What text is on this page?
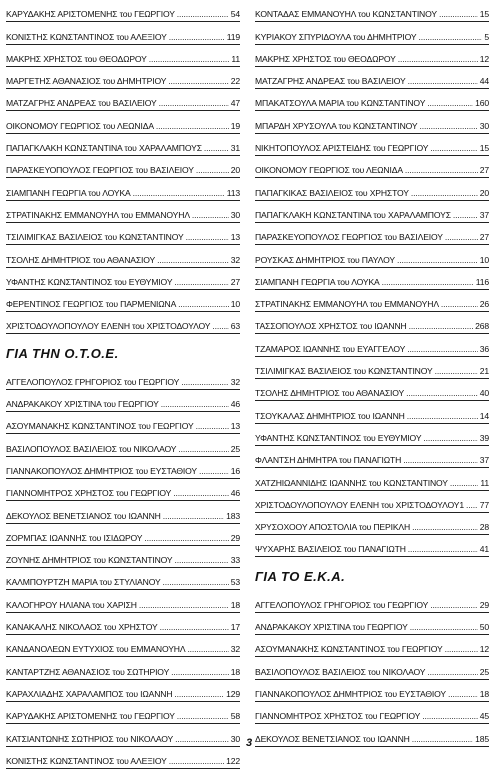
ΚΑΡΥΔΑΚΗΣ ΑΡΙΣΤΟΜΕΝΗΣ του ΓΕΩΡΓΙΟΥ .....	54
ΚΟΝΙΣΤΗΣ ΚΩΝΣΤΑΝΤΙΝΟΣ του ΑΛΕΞΙΟΥ .....	119
ΜΑΚΡΗΣ ΧΡΗΣΤΟΣ του ΘΕΟΔΩΡΟΥ .....	11
ΜΑΡΓΕΤΗΣ ΑΘΑΝΑΣΙΟΣ του ΔΗΜΗΤΡΙΟΥ .....	22
ΜΑΤΖΑΓΡΗΣ ΑΝΔΡΕΑΣ του ΒΑΣΙΛΕΙΟΥ .....	47
ΟΙΚΟΝΟΜΟΥ ΓΕΩΡΓΙΟΣ του ΛΕΩΝΙΔΑ .....	19
ΠΑΠΑΓΚΛΑΚΗ ΚΩΝΣΤΑΝΤΙΝΑ του ΧΑΡΑΛΑΜΠΟΥΣ .....	31
ΠΑΡΑΣΚΕΥΟΠΟΥΛΟΣ ΓΕΩΡΓΙΟΣ του ΒΑΣΙΛΕΙΟΥ .....	20
ΣΙΑΜΠΑΝΗ ΓΕΩΡΓΙΑ του ΛΟΥΚΑ .....	113
ΣΤΡΑΤΙΝΑΚΗΣ ΕΜΜΑΝΟΥΗΛ του ΕΜΜΑΝΟΥΗΛ .....	30
ΤΣΙΛΙΜΙΓΚΑΣ ΒΑΣΙΛΕΙΟΣ του ΚΩΝΣΤΑΝΤΙΝΟΥ .....	13
ΤΣΟΛΗΣ ΔΗΜΗΤΡΙΟΣ του ΑΘΑΝΑΣΙΟΥ .....	32
ΥΦΑΝΤΗΣ ΚΩΝΣΤΑΝΤΙΝΟΣ του ΕΥΘΥΜΙΟΥ .....	27
ΦΕΡΕΝΤΙΝΟΣ ΓΕΩΡΓΙΟΣ του ΠΑΡΜΕΝΙΩΝΑ .....	10
ΧΡΙΣΤΟΔΟΥΛΟΠΟΥΛΟΥ ΕΛΕΝΗ του ΧΡΙΣΤΟΔΟΥΛΟΥ ..... 63
ΓΙΑ ΤΗΝ Ο.Τ.Ο.Ε.
ΑΓΓΕΛΟΠΟΥΛΟΣ ΓΡΗΓΟΡΙΟΣ του ΓΕΩΡΓΙΟΥ .....	32
ΑΝΔΡΑΚΑΚΟΥ ΧΡΙΣΤΙΝΑ του ΓΕΩΡΓΙΟΥ .....	46
ΑΣΟΥΜΑΝΑΚΗΣ ΚΩΝΣΤΑΝΤΙΝΟΣ του ΓΕΩΡΓΙΟΥ .....	13
ΒΑΣΙΛΟΠΟΥΛΟΣ ΒΑΣΙΛΕΙΟΣ του ΝΙΚΟΛΑΟΥ .....	25
ΓΙΑΝΝΑΚΟΠΟΥΛΟΣ ΔΗΜΗΤΡΙΟΣ του ΕΥΣΤΑΘΙΟΥ .....	16
ΓΙΑΝΝΟΜΗΤΡΟΣ ΧΡΗΣΤΟΣ του ΓΕΩΡΓΙΟΥ .....	46
ΔΕΚΟΥΛΟΣ ΒΕΝΕΤΣΙΑΝΟΣ του ΙΩΑΝΝΗ .....	183
ΖΟΡΜΠΑΣ ΙΩΑΝΝΗΣ του ΙΣΙΔΩΡΟΥ .....	29
ΖΟΥΝΗΣ ΔΗΜΗΤΡΙΟΣ του ΚΩΝΣΤΑΝΤΙΝΟΥ .....	33
ΚΑΛΜΠΟΥΡΤΖΗ ΜΑΡΙΑ του ΣΤΥΛΙΑΝΟΥ .....	53
ΚΑΛΟΓΗΡΟΥ ΗΛΙΑΝΑ του ΧΑΡΙΣΗ .....	18
ΚΑΝΑΚΑΛΗΣ ΝΙΚΟΛΑΟΣ του ΧΡΗΣΤΟΥ .....	17
ΚΑΝΔΑΝΟΛΕΩΝ ΕΥΤΥΧΙΟΣ του ΕΜΜΑΝΟΥΗΛ .....	32
ΚΑΝΤΑΡΤΖΗΣ ΑΘΑΝΑΣΙΟΣ του ΣΩΤΗΡΙΟΥ .....	18
ΚΑΡΑΧΛΙΑΔΗΣ ΧΑΡΑΛΑΜΠΟΣ του ΙΩΑΝΝΗ .....	129
ΚΑΡΥΔΑΚΗΣ ΑΡΙΣΤΟΜΕΝΗΣ του ΓΕΩΡΓΙΟΥ .....	58
ΚΑΤΣΙΑΝΤΩΝΗΣ ΣΩΤΗΡΙΟΣ του ΝΙΚΟΛΑΟΥ .....	30
ΚΟΝΙΣΤΗΣ ΚΩΝΣΤΑΝΤΙΝΟΣ του ΑΛΕΞΙΟΥ .....	122
ΚΟΝΤΑΔΑΣ ΕΜΜΑΝΟΥΗΛ του ΚΩΝΣΤΑΝΤΙΝΟΥ .....	15
ΚΥΡΙΑΚΟΥ ΣΠΥΡΙΔΟΥΛΑ του ΔΗΜΗΤΡΙΟΥ .....	5
ΜΑΚΡΗΣ ΧΡΗΣΤΟΣ του ΘΕΟΔΩΡΟΥ .....	12
ΜΑΤΖΑΓΡΗΣ ΑΝΔΡΕΑΣ του ΒΑΣΙΛΕΙΟΥ .....	44
ΜΠΑΚΑΤΣΟΥΛΑ ΜΑΡΙΑ του ΚΩΝΣΤΑΝΤΙΝΟΥ .....	160
ΜΠΑΡΔΗ ΧΡΥΣΟΥΛΑ του ΚΩΝΣΤΑΝΤΙΝΟΥ .....	30
ΝΙΚΗΤΟΠΟΥΛΟΣ ΑΡΙΣΤΕΙΔΗΣ του ΓΕΩΡΓΙΟΥ .....	15
ΟΙΚΟΝΟΜΟΥ ΓΕΩΡΓΙΟΣ του ΛΕΩΝΙΔΑ .....	27
ΠΑΠΑΓΚΙΚΑΣ ΒΑΣΙΛΕΙΟΣ του ΧΡΗΣΤΟΥ .....	20
ΠΑΠΑΓΚΛΑΚΗ ΚΩΝΣΤΑΝΤΙΝΑ του ΧΑΡΑΛΑΜΠΟΥΣ .....	37
ΠΑΡΑΣΚΕΥΟΠΟΥΛΟΣ ΓΕΩΡΓΙΟΣ του ΒΑΣΙΛΕΙΟΥ .....	27
ΡΟΥΣΚΑΣ ΔΗΜΗΤΡΙΟΣ του ΠΑΥΛΟΥ .....	10
ΣΙΑΜΠΑΝΗ ΓΕΩΡΓΙΑ του ΛΟΥΚΑ .....	116
ΣΤΡΑΤΙΝΑΚΗΣ ΕΜΜΑΝΟΥΗΛ του ΕΜΜΑΝΟΥΗΛ .....	26
ΤΑΣΣΟΠΟΥΛΟΣ ΧΡΗΣΤΟΣ του ΙΩΑΝΝΗ .....	268
ΤΖΑΜΑΡΟΣ ΙΩΑΝΝΗΣ του ΕΥΑΓΓΕΛΟΥ .....	36
ΤΣΙΛΙΜΙΓΚΑΣ ΒΑΣΙΛΕΙΟΣ του ΚΩΝΣΤΑΝΤΙΝΟΥ .....	21
ΤΣΟΛΗΣ ΔΗΜΗΤΡΙΟΣ του ΑΘΑΝΑΣΙΟΥ .....	40
ΤΣΟΥΚΑΛΑΣ ΔΗΜΗΤΡΙΟΣ του ΙΩΑΝΝΗ .....	14
ΥΦΑΝΤΗΣ ΚΩΝΣΤΑΝΤΙΝΟΣ του ΕΥΘΥΜΙΟΥ .....	39
ΦΛΑΝΤΣΗ ΔΗΜΗΤΡΑ του ΠΑΝΑΓΙΩΤΗ .....	37
ΧΑΤΖΗΙΩΑΝΝΙΔΗΣ ΙΩΑΝΝΗΣ του ΚΩΝΣΤΑΝΤΙΝΟΥ .....	11
ΧΡΙΣΤΟΔΟΥΛΟΠΟΥΛΟΥ ΕΛΕΝΗ του ΧΡΙΣΤΟΔΟΥΛΟΥ1 ..... 77
ΧΡΥΣΟΧΟΟΥ ΑΠΟΣΤΟΛΙΑ του ΠΕΡΙΚΛΗ .....	28
ΨΥΧΑΡΗΣ ΒΑΣΙΛΕΙΟΣ του ΠΑΝΑΓΙΩΤΗ .....	41
ΓΙΑ ΤΟ Ε.Κ.Α.
ΑΓΓΕΛΟΠΟΥΛΟΣ ΓΡΗΓΟΡΙΟΣ του ΓΕΩΡΓΙΟΥ .....	29
ΑΝΔΡΑΚΑΚΟΥ ΧΡΙΣΤΙΝΑ του ΓΕΩΡΓΙΟΥ .....	50
ΑΣΟΥΜΑΝΑΚΗΣ ΚΩΝΣΤΑΝΤΙΝΟΣ του ΓΕΩΡΓΙΟΥ .....	12
ΒΑΣΙΛΟΠΟΥΛΟΣ ΒΑΣΙΛΕΙΟΣ του ΝΙΚΟΛΑΟΥ .....	25
ΓΙΑΝΝΑΚΟΠΟΥΛΟΣ ΔΗΜΗΤΡΙΟΣ του ΕΥΣΤΑΘΙΟΥ .....	18
ΓΙΑΝΝΟΜΗΤΡΟΣ ΧΡΗΣΤΟΣ του ΓΕΩΡΓΙΟΥ .....	45
ΔΕΚΟΥΛΟΣ ΒΕΝΕΤΣΙΑΝΟΣ του ΙΩΑΝΝΗ .....	185
3
